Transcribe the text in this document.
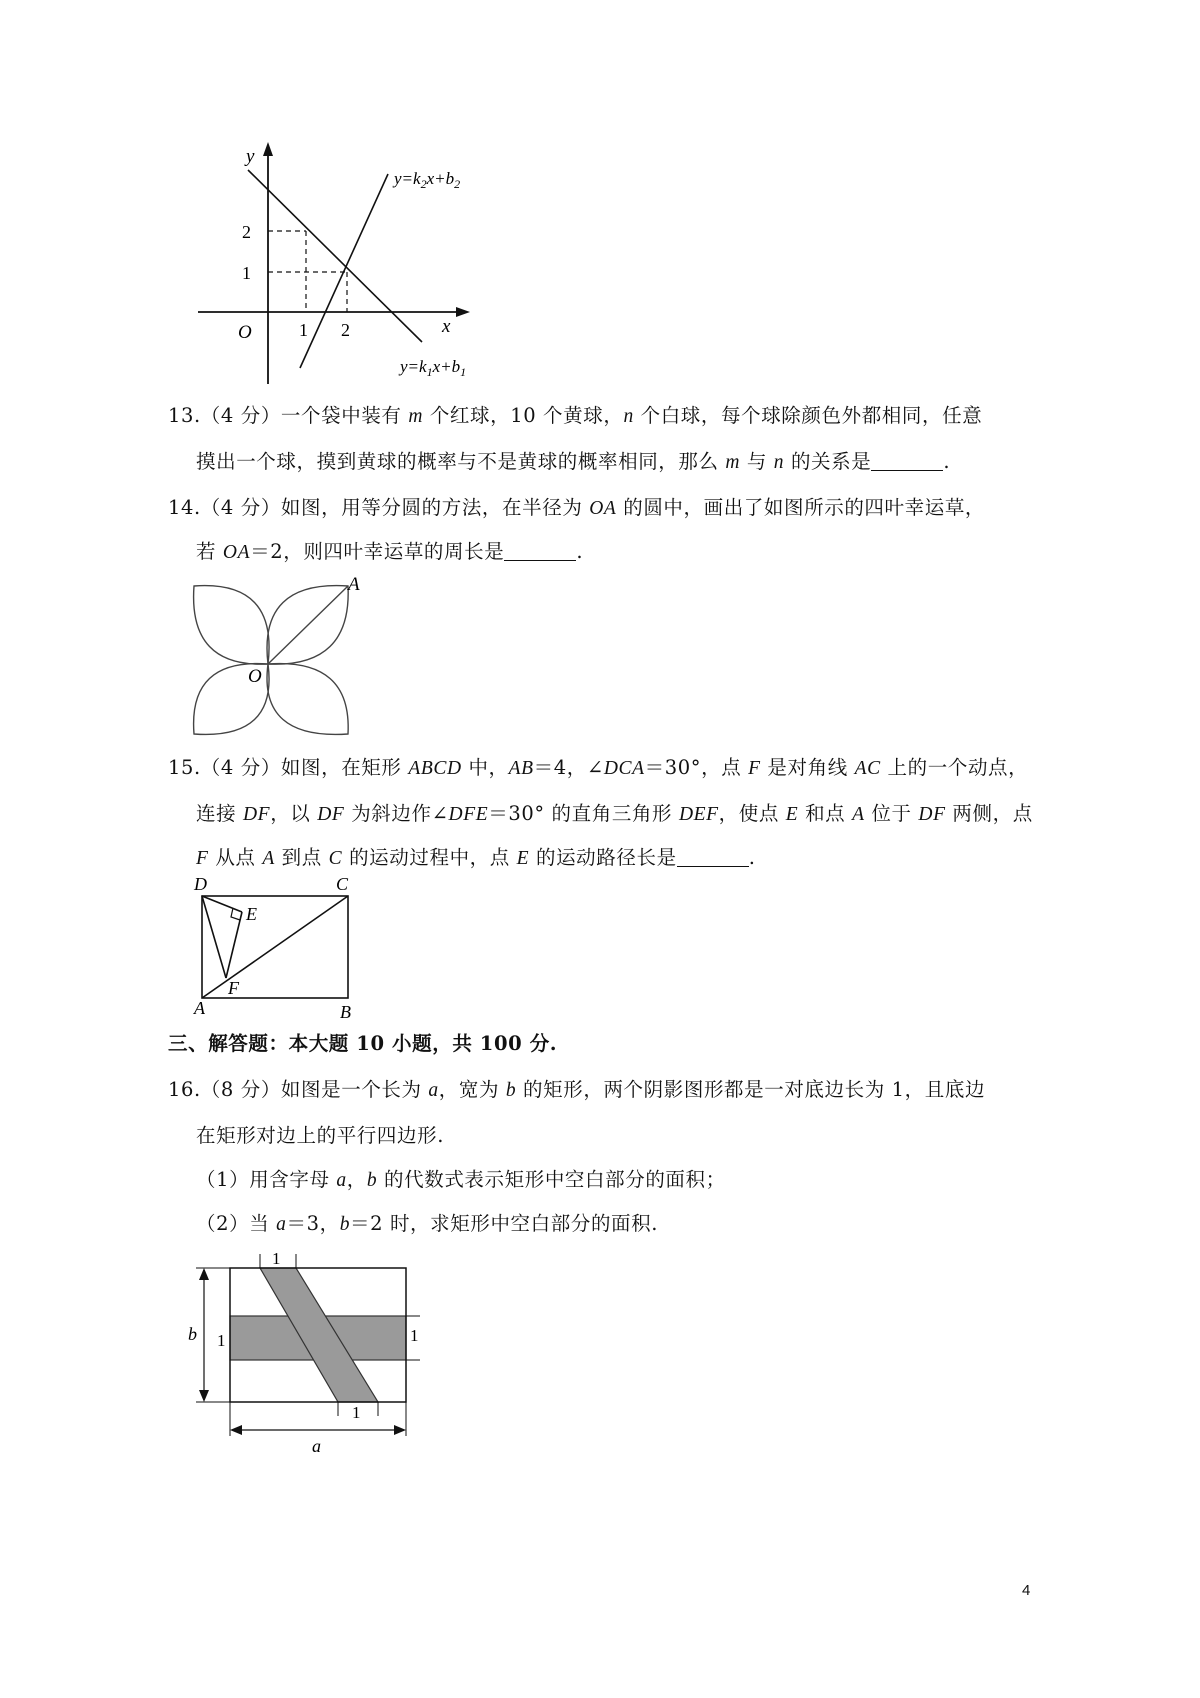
y
x
O
2
1
1 2
$y=k_2x+b_2$
$y=k_1x+b_1$
13.（4 分）一个袋中装有 m 个红球，10 个黄球，n 个白球，每个球除颜色外都相同，任意
摸出一个球，摸到黄球的概率与不是黄球的概率相同，那么 m 与 n 的关系是	.
14.（4 分）如图，用等分圆的方法，在半径为 OA 的圆中，画出了如图所示的四叶幸运草，
若 OA＝2，则四叶幸运草的周长是	.
A
O
15.（4 分）如图，在矩形 ABCD 中，AB＝4，∠DCA＝30°，点 F 是对角线 AC 上的一个动点，
连接 DF，以 DF 为斜边作∠DFE＝30° 的直角三角形 DEF，使点 E 和点 A 位于 DF 两侧，点
F 从点 A 到点 C 的运动过程中，点 E 的运动路径长是	.
D	C
E
F
A	B
三、解答题：本大题 10 小题，共 100 分.
16.（8 分）如图是一个长为 a，宽为 b 的矩形，两个阴影图形都是一对底边长为 1，且底边
在矩形对边上的平行四边形.
（1）用含字母 a，b 的代数式表示矩形中空白部分的面积；
（2）当 a＝3，b＝2 时，求矩形中空白部分的面积.
1
1	1
1
b
a
4
